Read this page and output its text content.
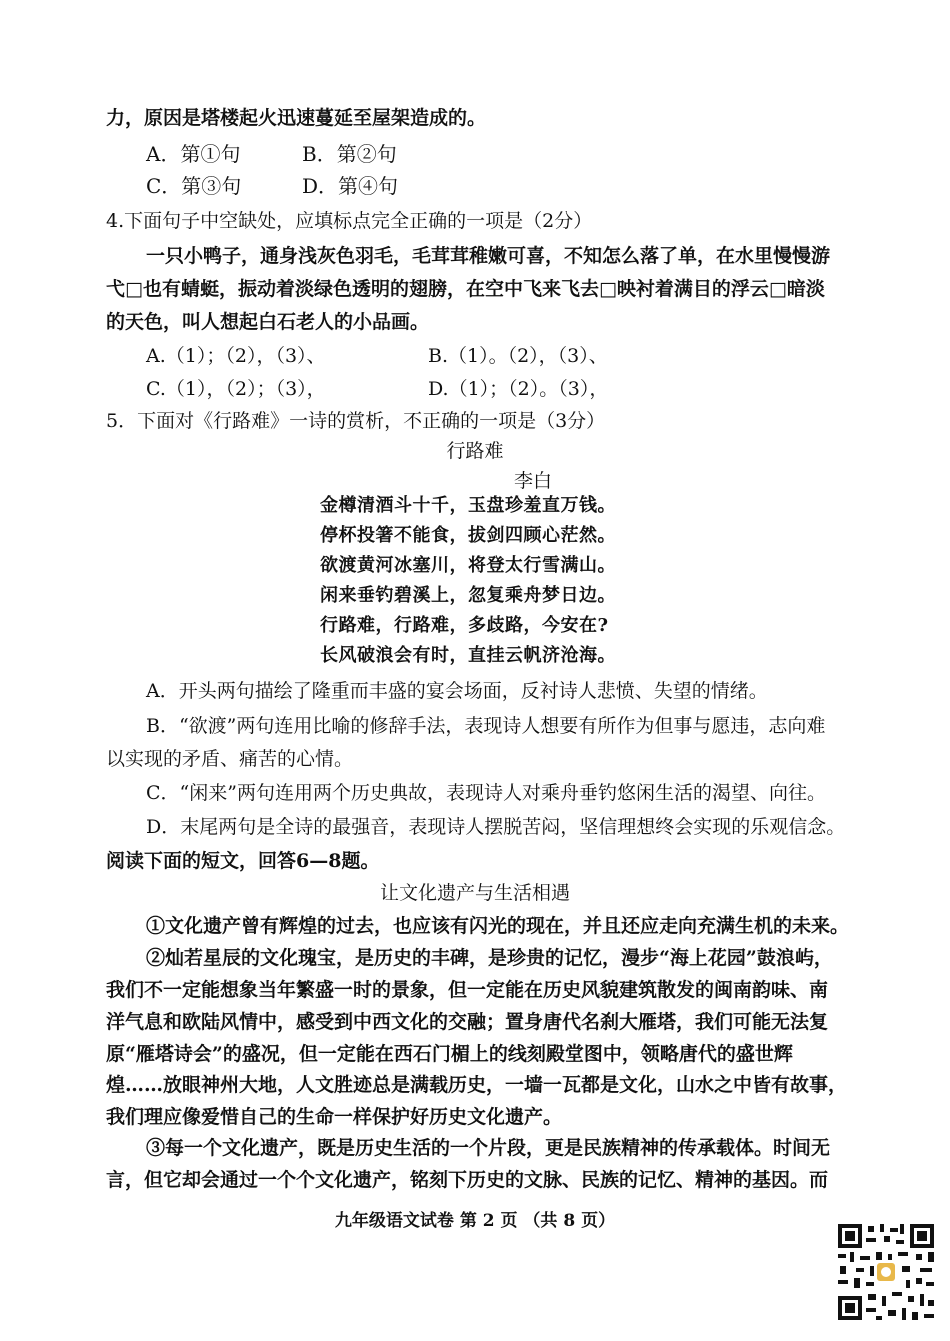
力，原因是塔楼起火迅速蔓延至屋架造成的。
A．第①句	B．第②句
C．第③句	D．第④句
4.下面句子中空缺处，应填标点完全正确的一项是（2分）
一只小鸭子，通身浅灰色羽毛，毛茸茸稚嫩可喜，不知怎么落了单，在水里慢慢游
弋□也有蜻蜓，振动着淡绿色透明的翅膀，在空中飞来飞去□映衬着满目的浮云□暗淡
的天色，叫人想起白石老人的小品画。
A.（1）；（2），（3）、	B.（1）。（2），（3）、
C.（1），（2）；（3），	D.（1）；（2）。（3），
5．下面对《行路难》一诗的赏析，不正确的一项是（3分）
行路难
李白
金樽清酒斗十千，玉盘珍羞直万钱。
停杯投箸不能食，拔剑四顾心茫然。
欲渡黄河冰塞川，将登太行雪满山。
闲来垂钓碧溪上，忽复乘舟梦日边。
行路难，行路难，多歧路，今安在?
长风破浪会有时，直挂云帆济沧海。
A．开头两句描绘了隆重而丰盛的宴会场面，反衬诗人悲愤、失望的情绪。
B．“欲渡”两句连用比喻的修辞手法，表现诗人想要有所作为但事与愿违，志向难
以实现的矛盾、痛苦的心情。
C．“闲来”两句连用两个历史典故，表现诗人对乘舟垂钓悠闲生活的渴望、向往。
D．末尾两句是全诗的最强音，表现诗人摆脱苦闷，坚信理想终会实现的乐观信念。
阅读下面的短文，回答6—8题。
让文化遗产与生活相遇
①文化遗产曾有辉煌的过去，也应该有闪光的现在，并且还应走向充满生机的未来。
②灿若星辰的文化瑰宝，是历史的丰碑，是珍贵的记忆，漫步“海上花园”鼓浪屿，
我们不一定能想象当年繁盛一时的景象，但一定能在历史风貌建筑散发的闽南韵味、南
洋气息和欧陆风情中，感受到中西文化的交融；置身唐代名刹大雁塔，我们可能无法复
原“雁塔诗会”的盛况，但一定能在西石门楣上的线刻殿堂图中，领略唐代的盛世辉
煌……放眼神州大地，人文胜迹总是满载历史，一墙一瓦都是文化，山水之中皆有故事，
我们理应像爱惜自己的生命一样保护好历史文化遗产。
③每一个文化遗产，既是历史生活的一个片段，更是民族精神的传承载体。时间无
言，但它却会通过一个个文化遗产，铭刻下历史的文脉、民族的记忆、精神的基因。而
九年级语文试卷 第 2 页 （共 8 页）
